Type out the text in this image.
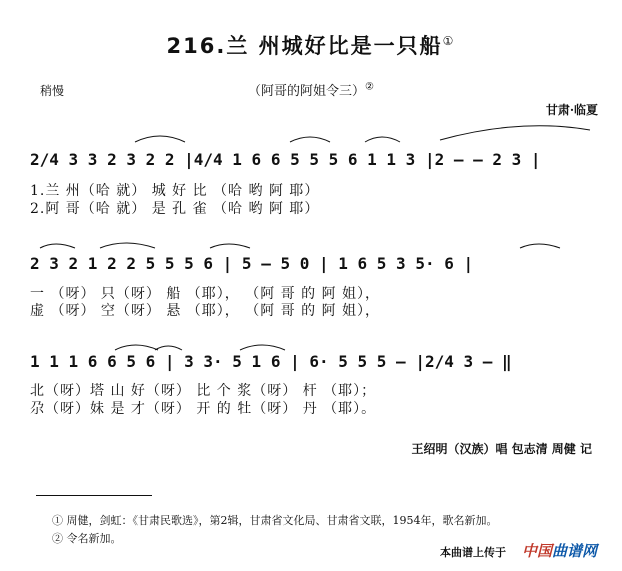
216.兰 州城好比是一只船①
（阿哥的阿姐令三）②
稍慢
甘肃·临夏
2/4 3 3 2 3 2 2 |4/4 1 6 6 5 5 5 6 1 1 3 |2 – – 2 3 |
1.兰 州（哈 就） 城 好 比 （哈 哟 阿 耶）
2.阿 哥（哈 就） 是 孔 雀 （哈 哟 阿 耶）
2 3 2 1 2 2 5 5 5 6 | 5 – 5 0 | 1 6 5 3 5· 6 |
一 （呀） 只（呀） 船 （耶）， （阿 哥 的 阿 姐），
虚 （呀） 空（呀） 悬 （耶）， （阿 哥 的 阿 姐），
1 1 1 6 6 5 6 | 3 3· 5 1 6 | 6· 5 5 5 – |2/4 3 – ‖
北（呀）塔 山 好（呀） 比 个 浆（呀） 杆 （耶）；
尕（呀）妹 是 才（呀） 开 的 牡（呀） 丹 （耶）。
王绍明（汉族）唱 包志清 周健 记
① 周健，剑虹：《甘肃民歌选》，第2辑，甘肃省文化局、甘肃省文联，1954年，歌名新加。
② 令名新加。
本曲谱上传于 中国曲谱网
